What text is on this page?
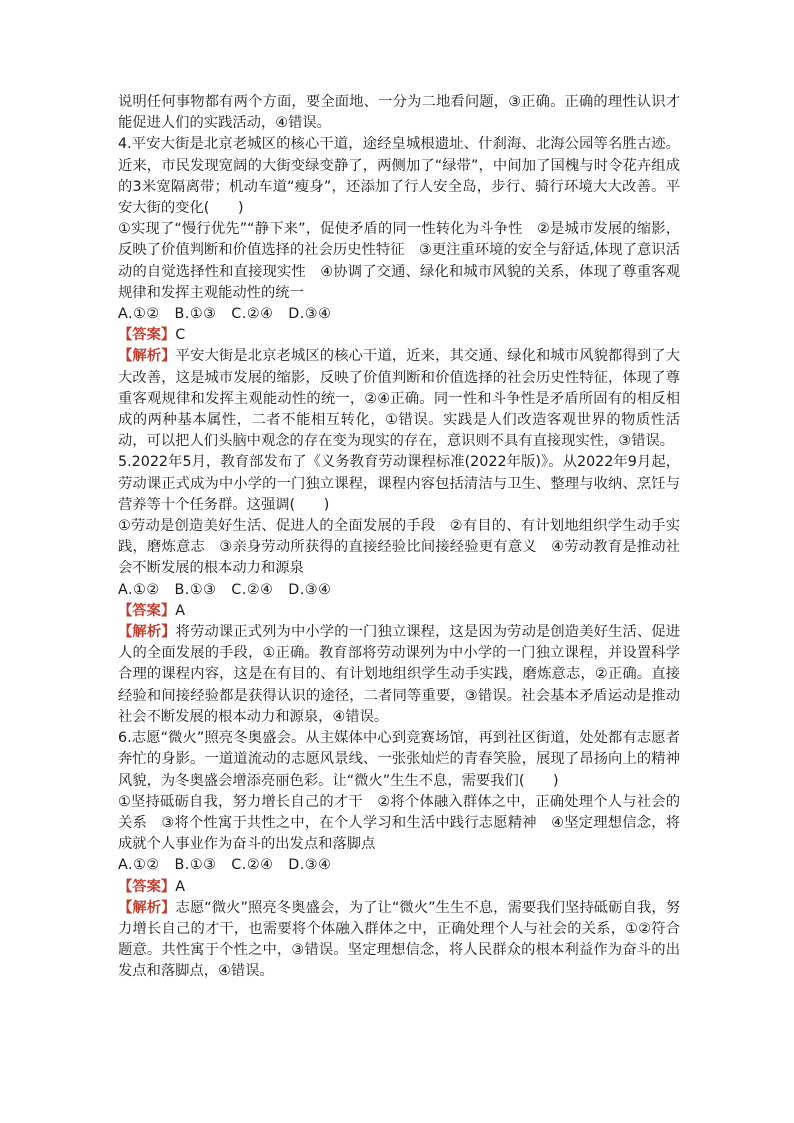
说明任何事物都有两个方面，要全面地、一分为二地看问题，③正确。正确的理性认识才能促进人们的实践活动，④错误。

4.平安大街是北京老城区的核心干道，途经皇城根遗址、什刹海、北海公园等名胜古迹。近来，市民发现宽阔的大街变绿变静了，两侧加了“绿带”，中间加了国槐与时令花卉组成的3米宽隔离带；机动车道“瘦身”，还添加了行人安全岛，步行、骑行环境大大改善。平安大街的变化(　　)

①实现了“慢行优先”“静下来”，促使矛盾的同一性转化为斗争性　②是城市发展的缩影，反映了价值判断和价值选择的社会历史性特征　③更注重环境的安全与舒适,体现了意识活动的自觉选择性和直接现实性　④协调了交通、绿化和城市风貌的关系，体现了尊重客观规律和发挥主观能动性的统一

A.①②　B.①③　C.②④　D.③④

【答案】C

【解析】平安大街是北京老城区的核心干道，近来，其交通、绿化和城市风貌都得到了大大改善，这是城市发展的缩影，反映了价值判断和价值选择的社会历史性特征，体现了尊重客观规律和发挥主观能动性的统一，②④正确。同一性和斗争性是矛盾所固有的相反相成的两种基本属性，二者不能相互转化，①错误。实践是人们改造客观世界的物质性活动，可以把人们头脑中观念的存在变为现实的存在，意识则不具有直接现实性，③错误。

5.2022年5月，教育部发布了《义务教育劳动课程标准(2022年版)》。从2022年9月起，劳动课正式成为中小学的一门独立课程，课程内容包括清洁与卫生、整理与收纳、烹饪与营养等十个任务群。这强调(　　)

①劳动是创造美好生活、促进人的全面发展的手段　②有目的、有计划地组织学生动手实践，磨炼意志　③亲身劳动所获得的直接经验比间接经验更有意义　④劳动教育是推动社会不断发展的根本动力和源泉

A.①②　B.①③　C.②④　D.③④

【答案】A

【解析】将劳动课正式列为中小学的一门独立课程，这是因为劳动是创造美好生活、促进人的全面发展的手段，①正确。教育部将劳动课列为中小学的一门独立课程，并设置科学合理的课程内容，这是在有目的、有计划地组织学生动手实践，磨炼意志，②正确。直接经验和间接经验都是获得认识的途径，二者同等重要，③错误。社会基本矛盾运动是推动社会不断发展的根本动力和源泉，④错误。

6.志愿“微火”照亮冬奥盛会。从主媒体中心到竞赛场馆，再到社区街道，处处都有志愿者奔忙的身影。一道道流动的志愿风景线、一张张灿烂的青春笑脸，展现了昂扬向上的精神风貌，为冬奥盛会增添亮丽色彩。让“微火”生生不息，需要我们(　　)

①坚持砥砺自我，努力增长自己的才干　②将个体融入群体之中，正确处理个人与社会的关系　③将个性寓于共性之中，在个人学习和生活中践行志愿精神　④坚定理想信念，将成就个人事业作为奋斗的出发点和落脚点

A.①②　B.①③　C.②④　D.③④

【答案】A

【解析】志愿“微火”照亮冬奥盛会，为了让“微火”生生不息，需要我们坚持砥砺自我，努力增长自己的才干，也需要将个体融入群体之中，正确处理个人与社会的关系，①②符合题意。共性寓于个性之中，③错误。坚定理想信念，将人民群众的根本利益作为奋斗的出发点和落脚点，④错误。
